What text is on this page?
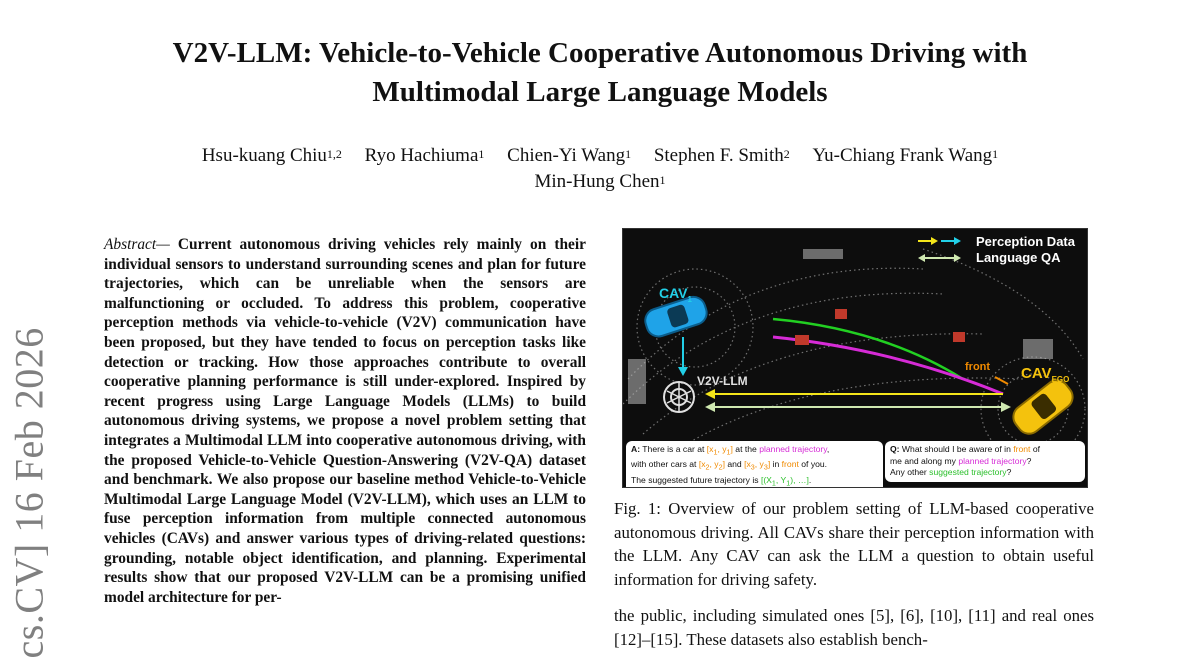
V2V-LLM: Vehicle-to-Vehicle Cooperative Autonomous Driving with
Multimodal Large Language Models
Hsu-kuang Chiu$^{1,2}$ Ryo Hachiuma$^1$ Chien-Yi Wang$^1$ Stephen F. Smith$^2$ Yu-Chiang Frank Wang$^1$
Min-Hung Chen$^1$
cs.CV] 16 Feb 2026
Abstract— Current autonomous driving vehicles rely mainly on their individual sensors to understand surrounding scenes and plan for future trajectories, which can be unreliable when the sensors are malfunctioning or occluded. To address this problem, cooperative perception methods via vehicle-to-vehicle (V2V) communication have been proposed, but they have tended to focus on perception tasks like detection or tracking. How those approaches contribute to overall cooperative planning performance is still under-explored. Inspired by recent progress using Large Language Models (LLMs) to build autonomous driving systems, we propose a novel problem setting that integrates a Multimodal LLM into cooperative autonomous driving, with the proposed Vehicle-to-Vehicle Question-Answering (V2V-QA) dataset and benchmark. We also propose our baseline method Vehicle-to-Vehicle Multimodal Large Language Model (V2V-LLM), which uses an LLM to fuse perception information from multiple connected autonomous vehicles (CAVs) and answer various types of driving-related questions: grounding, notable object identification, and planning. Experimental results show that our proposed V2V-LLM can be a promising unified model architecture for per-
Perception Data
Language QA
$CAV_1$
$CAV_{EGO}$
V2V-LLM
front
A: There is a car at [$x_1$, $y_1$] at the planned trajectory,
with other cars at [$x_2$, $y_2$] and [$x_3$, $y_3$] in front of you.
The suggested future trajectory is [($X_1$, $Y_1$), …].
Q: What should I be aware of in front of
me and along my planned trajectory?
Any other suggested trajectory?
Fig. 1: Overview of our problem setting of LLM-based cooperative autonomous driving. All CAVs share their perception information with the LLM. Any CAV can ask the LLM a question to obtain useful information for driving safety.
the public, including simulated ones [5], [6], [10], [11] and real ones [12]–[15]. These datasets also establish bench-
